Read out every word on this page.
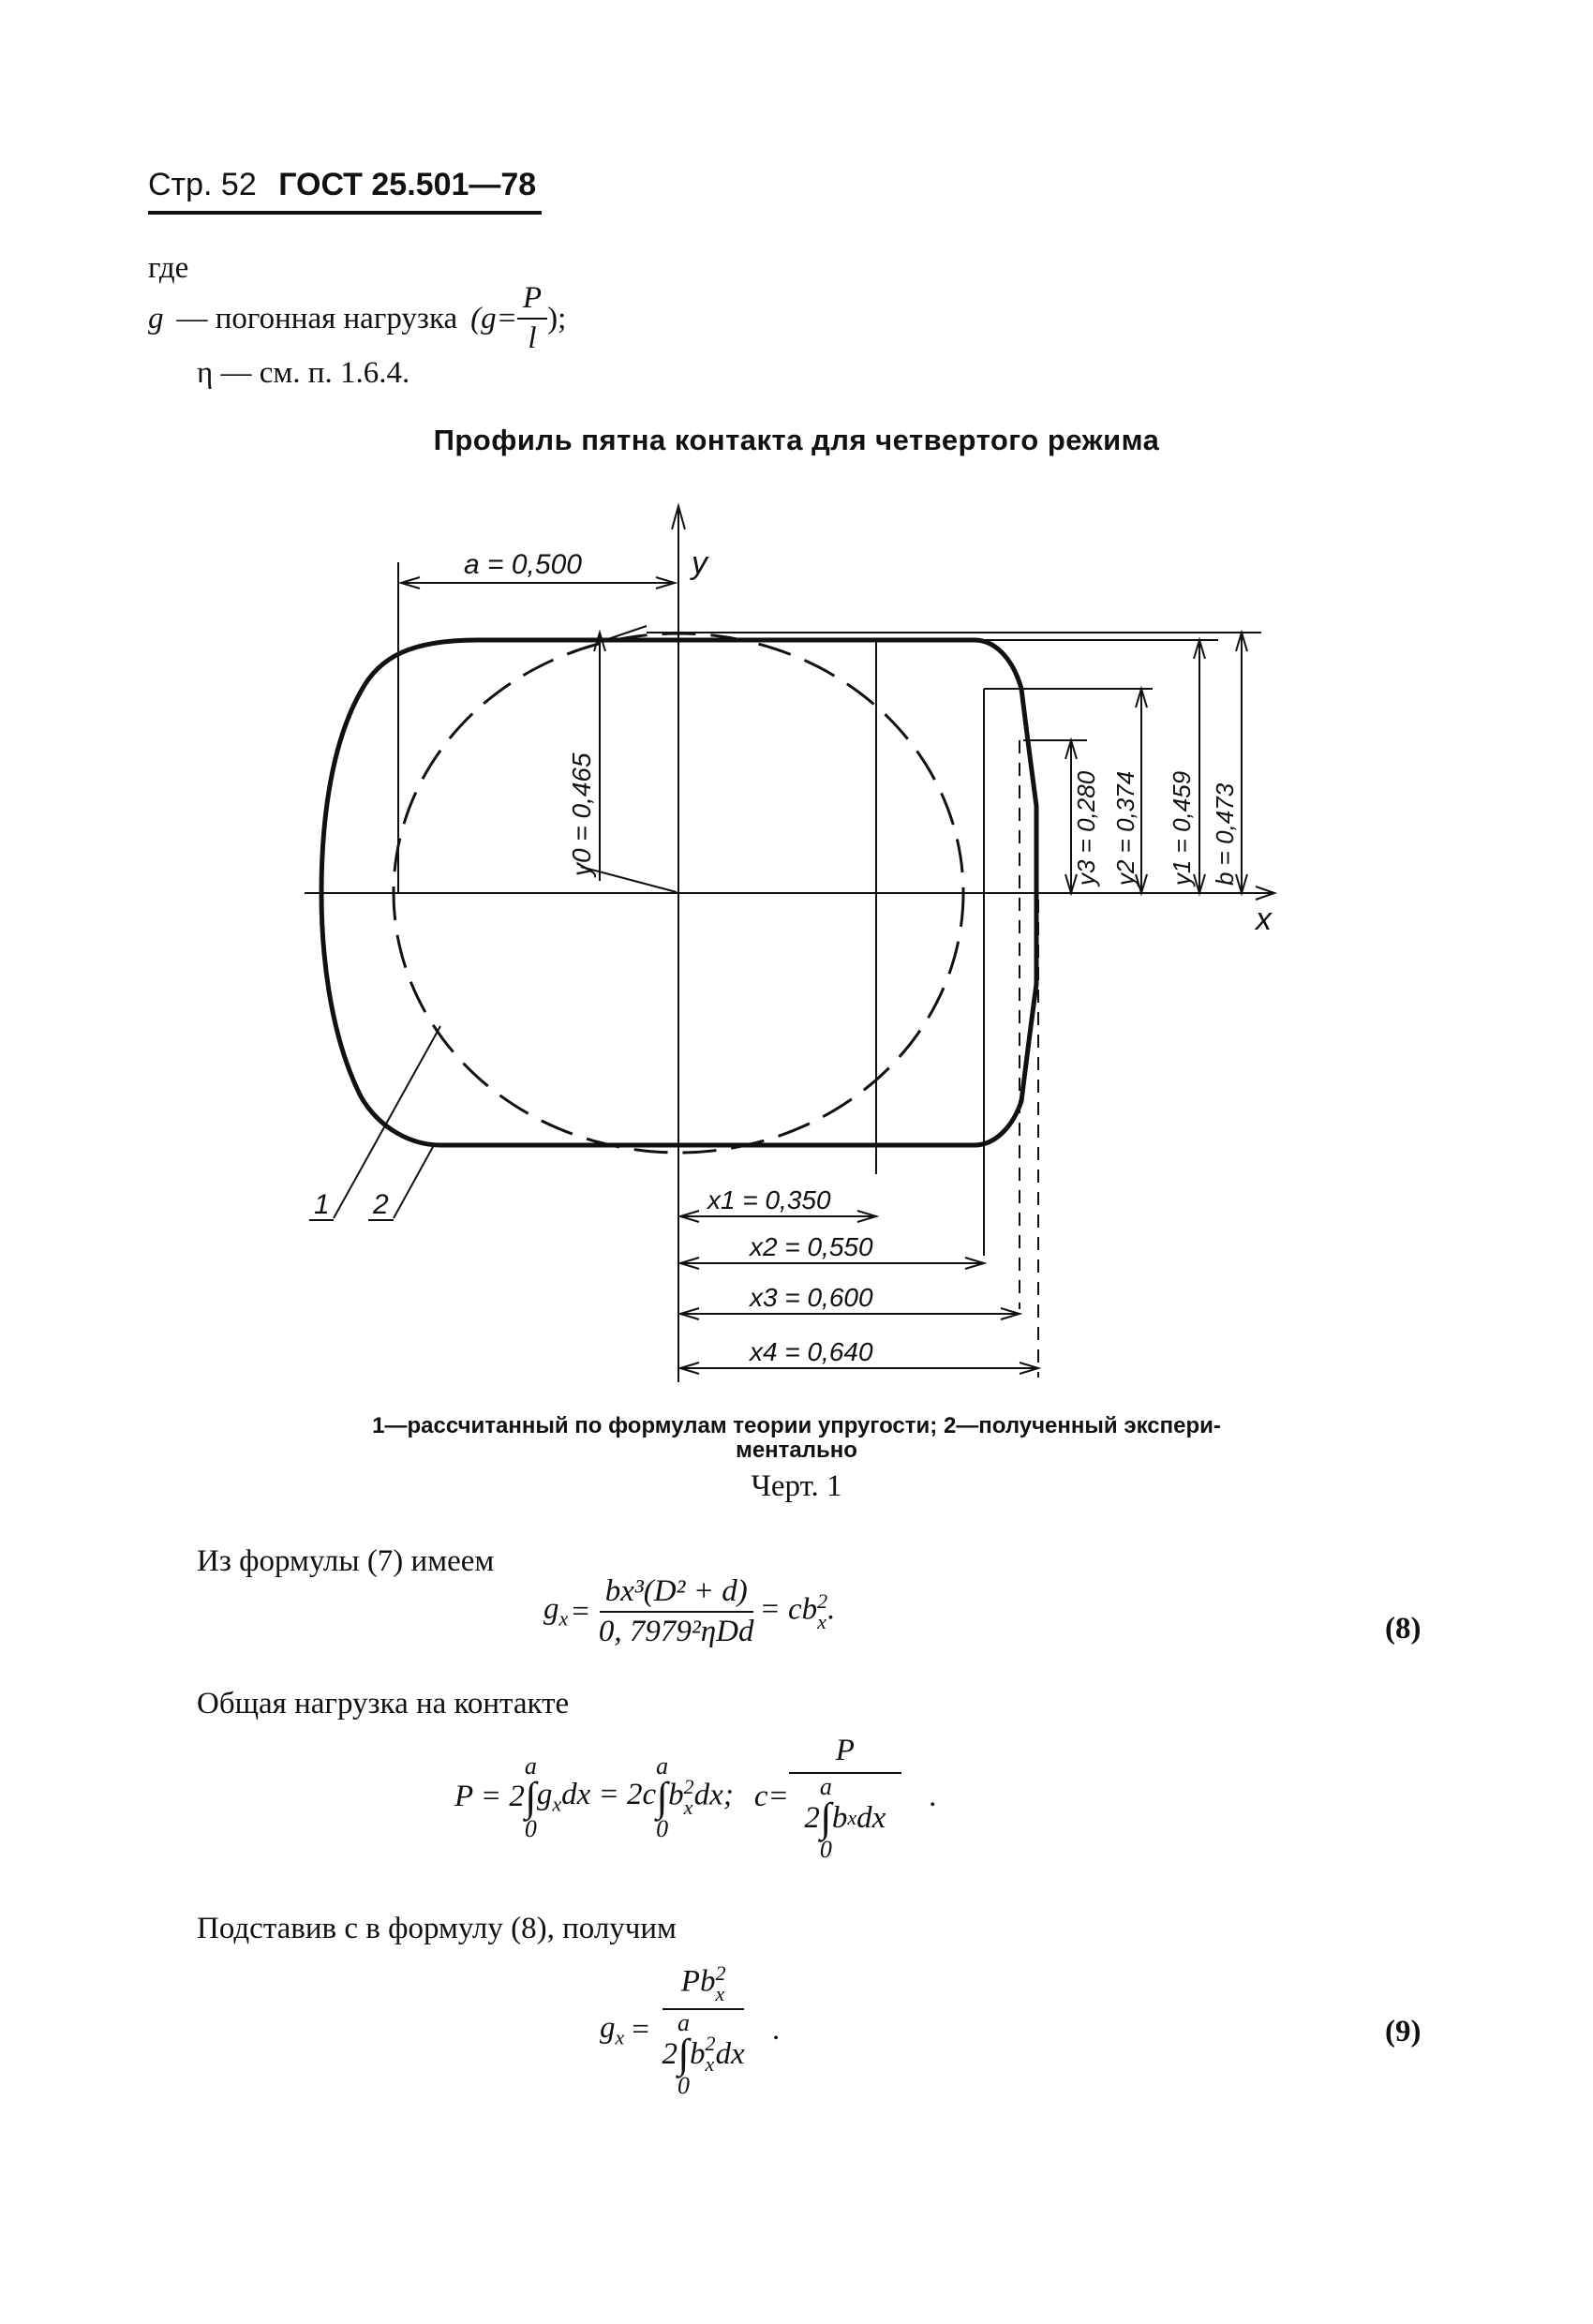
Стр. 52 ГОСТ 25.501—78
где
g — погонная нагрузка ($g= \frac{P}{l}$ );
η — см. п. 1.6.4.
Профиль пятна контакта для четвертого режима
a = 0,500	y
x
y0 = 0,465	y3 = 0,280 y2 = 0,374 y1 = 0,459 b = 0,473
x1 = 0,350
x2 = 0,550
x3 = 0,600
x4 = 0,640
1 2
1—рассчитанный по формулам теории упругости; 2—полученный экспери-
ментально
Черт. 1
Из формулы (7) имеем
$g_x = \frac{\text{bx³(D² + d)}}{\text{0, 7979²ηDd}}$ = cb 2
x .
(8)
Общая нагрузка на контакте
P = 2
a
∫
0
$g_xdx = 2c$
a
∫
0
b 2
x dx; c= P
2
a
∫
0
b x dx .
Подставив c в формулу (8), получим
$g_x = Pb$ 2
x
2
a
∫
0
b 2
x dx .	(9)
